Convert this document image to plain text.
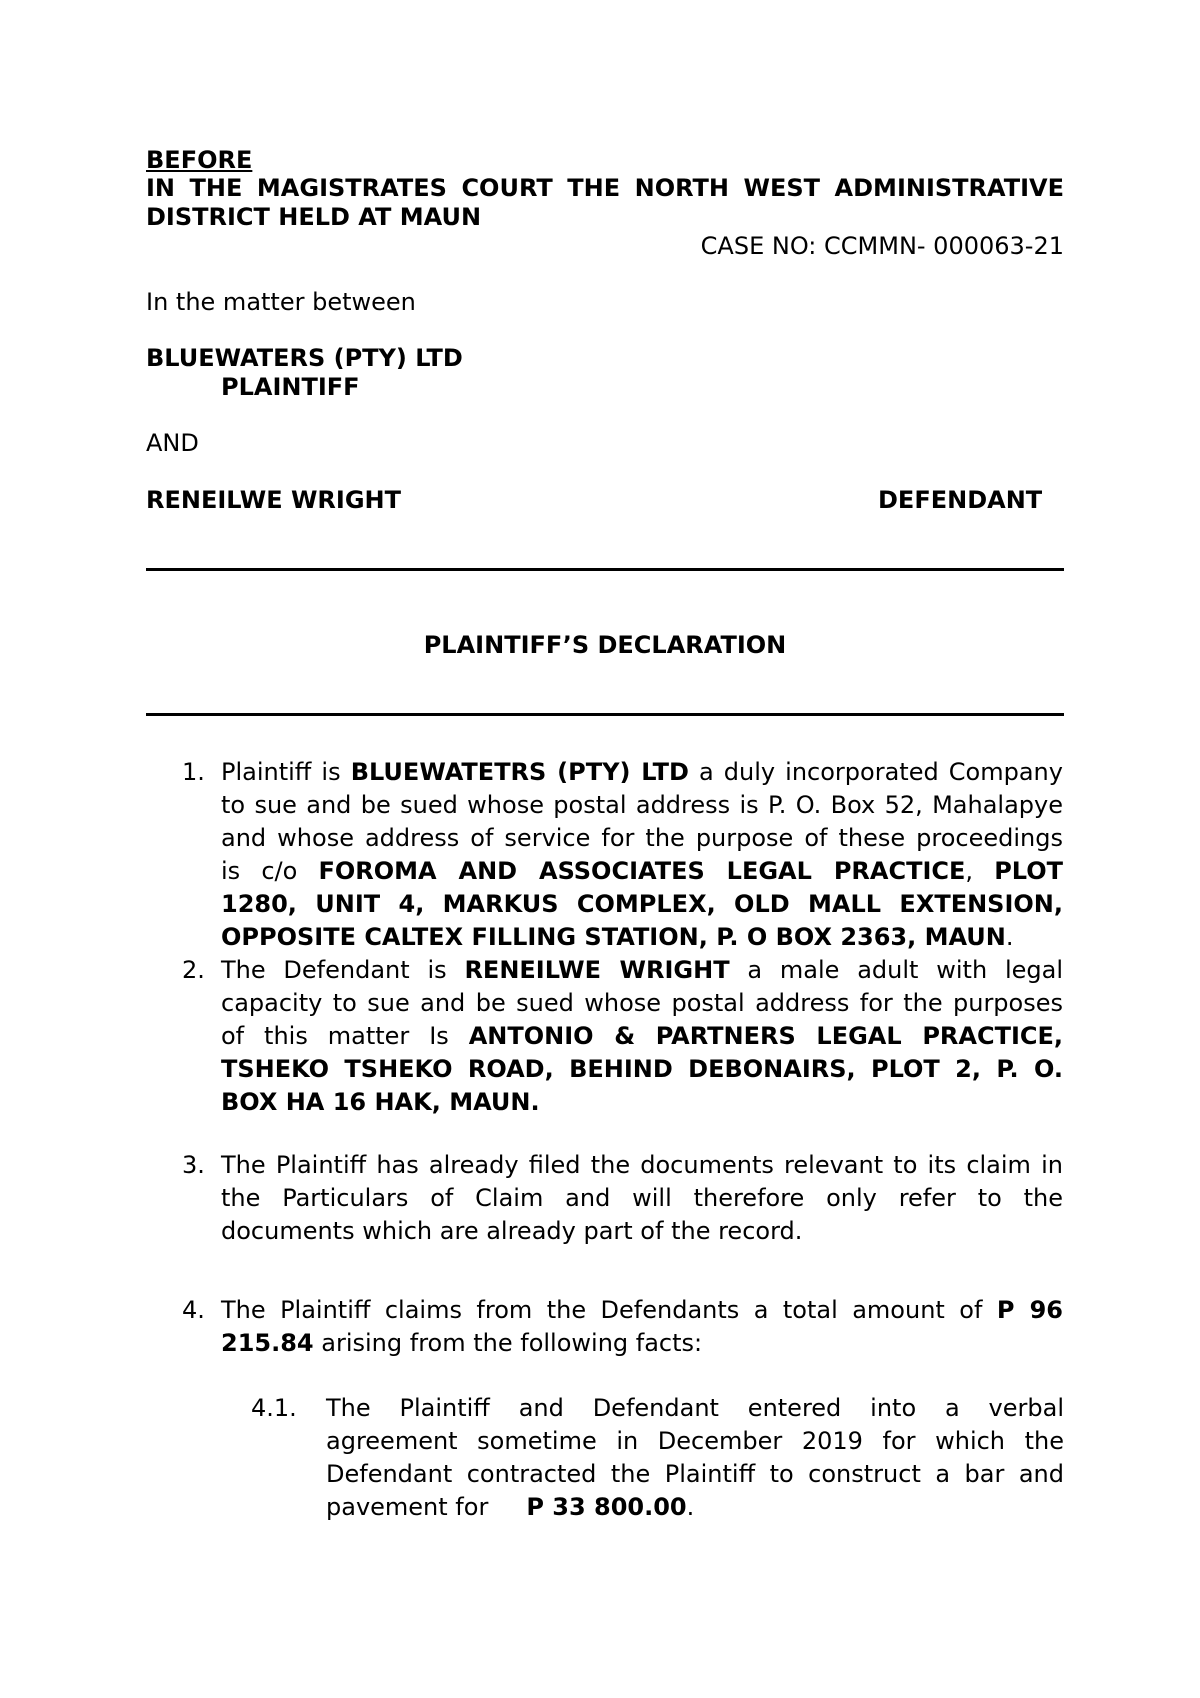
BEFORE
IN THE MAGISTRATES COURT THE NORTH WEST ADMINISTRATIVE
DISTRICT HELD AT MAUN
CASE NO: CCMMN- 000063-21
In the matter between
BLUEWATERS (PTY) LTD
PLAINTIFF
AND
RENEILWE WRIGHT	DEFENDANT
PLAINTIFF’S DECLARATION
1. Plaintiff is BLUEWATETRS (PTY) LTD a duly incorporated Company
to sue and be sued whose postal address is P. O. Box 52, Mahalapye
and whose address of service for the purpose of these proceedings
is c/o FOROMA AND ASSOCIATES LEGAL PRACTICE, PLOT
1280, UNIT 4, MARKUS COMPLEX, OLD MALL EXTENSION,
OPPOSITE CALTEX FILLING STATION, P. O BOX 2363, MAUN.
2. The Defendant is RENEILWE WRIGHT a male adult with legal
capacity to sue and be sued whose postal address for the purposes
of this matter Is ANTONIO & PARTNERS LEGAL PRACTICE,
TSHEKO TSHEKO ROAD, BEHIND DEBONAIRS, PLOT 2, P. O.
BOX HA 16 HAK, MAUN.
3. The Plaintiff has already filed the documents relevant to its claim in
the Particulars of Claim and will therefore only refer to the
documents which are already part of the record.
4. The Plaintiff claims from the Defendants a total amount of P 96
215.84 arising from the following facts:
4.1. The Plaintiff and Defendant entered into a verbal
agreement sometime in December 2019 for which the
Defendant contracted the Plaintiff to construct a bar and
pavement for P 33 800.00.
